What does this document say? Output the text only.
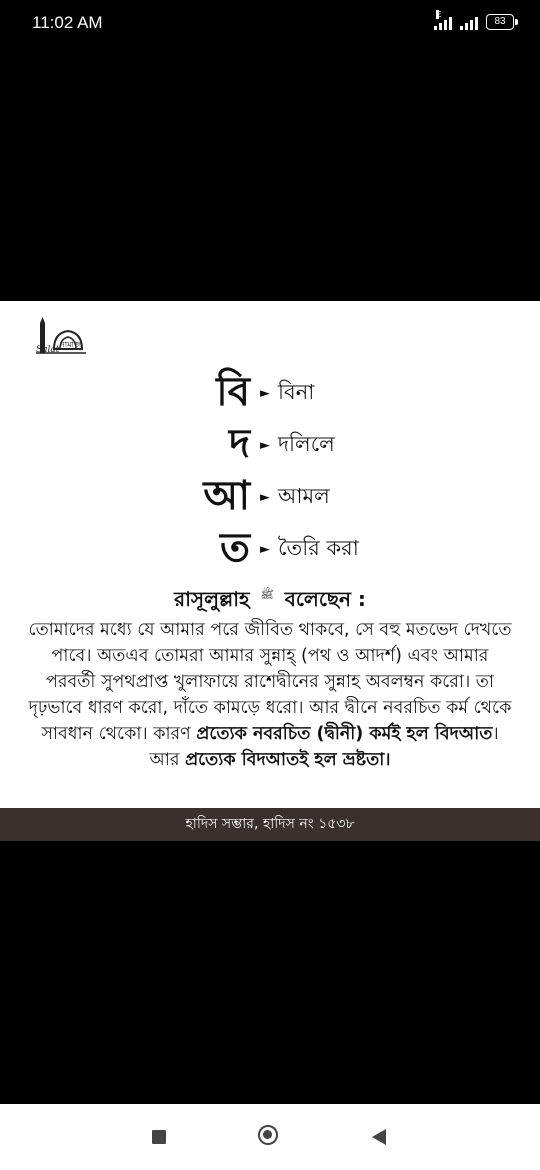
11:02 AM	E
83
Salat
নামাজ
বি ► বিনা
দ ► দলিলে
আ ► আমল
ত ► তৈরি করা
রাসূলুল্লাহ $^ﷺ$ বলেছেন :
তোমাদের মধ্যে যে আমার পরে জীবিত থাকবে, সে বহু মতভেদ দেখতে পাবে। অতএব তোমরা আমার সুন্নাহ্ (পথ ও আদর্শ) এবং আমার পরবর্তী সুপথপ্রাপ্ত খুলাফায়ে রাশেদ্বীনের সুন্নাহ অবলম্বন করো। তা দৃঢ়ভাবে ধারণ করো, দাঁতে কামড়ে ধরো। আর দ্বীনে নবরচিত কর্ম থেকে সাবধান থেকো। কারণ প্রত্যেক নবরচিত (দ্বীনী) কর্মই হল বিদআত। আর প্রত্যেক বিদআতই হল ভ্রষ্টতা।
হাদিস সম্ভার, হাদিস নং ১৫৩৮
